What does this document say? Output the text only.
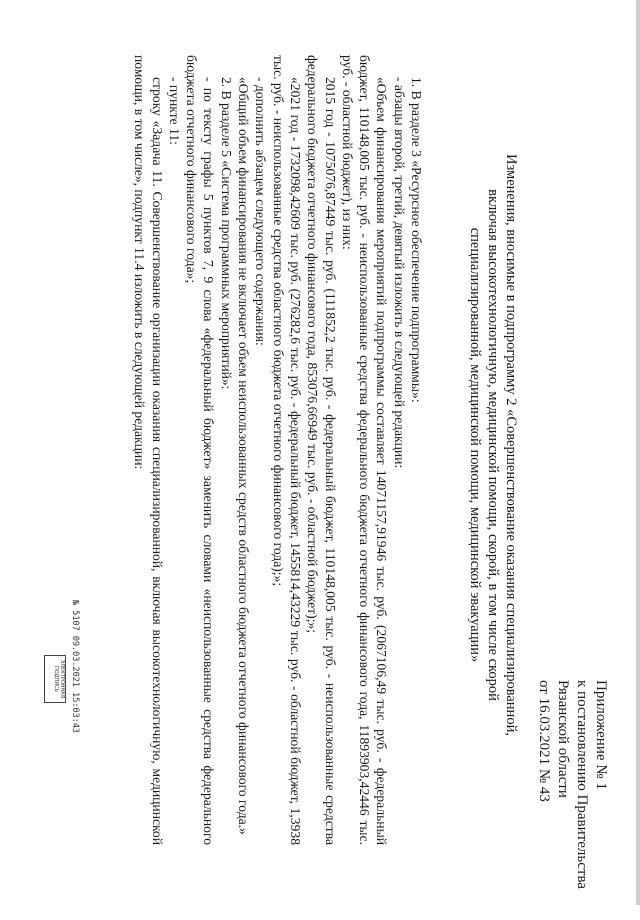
Приложение № 1
к постановлению Правительства
Рязанской области
от 16.03.2021 № 43
Изменения, вносимые в подпрограмму 2 «Совершенствование оказания специализированной,
включая высокотехнологичную, медицинской помощи, скорой, в том числе скорой
специализированной, медицинской помощи, медицинской эвакуации»

1. В разделе 3 «Ресурсное обеспечение подпрограммы»:

- абзацы второй, третий, девятый изложить в следующей редакции:

«Объем финансирования мероприятий подпрограммы составляет 14071157,91946 тыс. руб. (2067106,49 тыс. руб. - федеральный бюджет, 110148,005 тыс. руб. - неиспользованные средства федерального бюджета отчетного финансового года, 11893903,42446 тыс. руб. - областной бюджет), из них:

2015 год - 1075076,87449 тыс. руб. (111852,2 тыс. руб. - федеральный бюджет, 110148,005 тыс. руб. - неиспользованные средства федерального бюджета отчетного финансового года, 853076,66949 тыс. руб. - областной бюджет);»;

«2021 год - 1732098,42609 тыс. руб. (276282,6 тыс. руб. - федеральный бюджет, 1455814,43229 тыс. руб. - областной бюджет, 1,3938 тыс. руб. - неиспользованные средства областного бюджета отчетного финансового года);»;

- дополнить абзацем следующего содержания:

«Общий объем финансирования не включает объем неиспользованных средств областного бюджета отчетного финансового года.»

2. В разделе 5 «Система программных мероприятий»:

- по тексту графы 5 пунктов 7, 9 слова «федеральный бюджет» заменить словами «неиспользованные средства федерального бюджета отчетного финансового года»;

- пункте 11:

строку «Задача 11. Совершенствование организации оказания специализированной, включая высокотехнологичную, медицинской помощи, в том числе», подпункт 11.4 изложить в следующей редакции:

№ 5107 09.03.2021 15:03:43
ЭЛЕКТРОННАЯ ПОДПИСЬ
